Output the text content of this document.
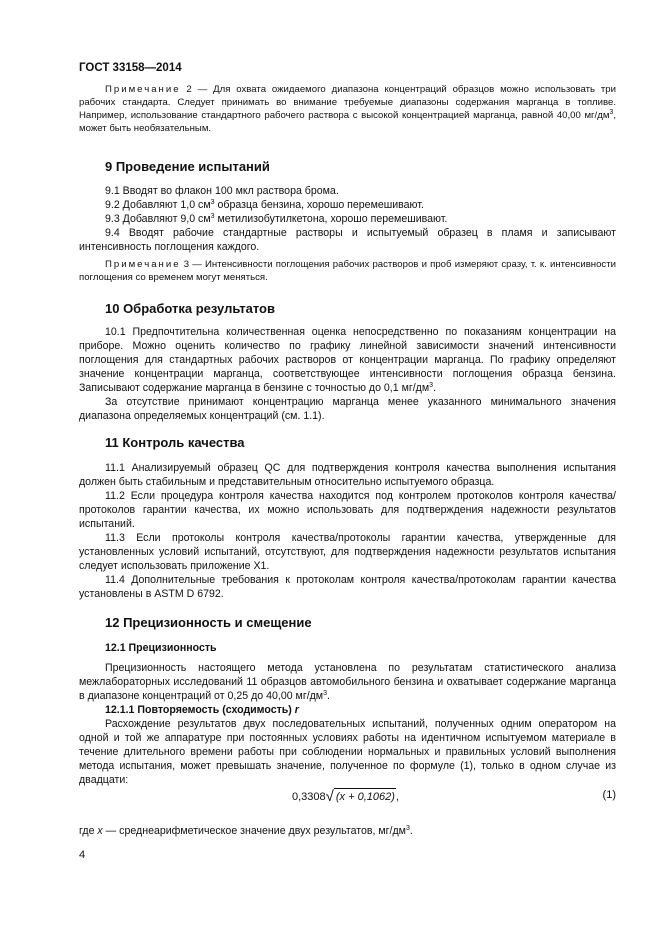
ГОСТ 33158—2014

Примечание 2 — Для охвата ожидаемого диапазона концентраций образцов можно использовать три рабочих стандарта. Следует принимать во внимание требуемые диапазоны содержания марганца в топливе. Например, использование стандартного рабочего раствора с высокой концентрацией марганца, равной 40,00 $мг/дм^3$, может быть необязательным.

9 Проведение испытаний

9.1 Вводят во флакон 100 мкл раствора брома.

9.2 Добавляют 1,0 $см^3$ образца бензина, хорошо перемешивают.

9.3 Добавляют 9,0 $см^3$ метилизобутилкетона, хорошо перемешивают.

9.4 Вводят рабочие стандартные растворы и испытуемый образец в пламя и записывают интенсивность поглощения каждого.

Примечание 3 — Интенсивности поглощения рабочих растворов и проб измеряют сразу, т. к. интенсивности поглощения со временем могут меняться.

10 Обработка результатов

10.1 Предпочтительна количественная оценка непосредственно по показаниям концентрации на приборе. Можно оценить количество по графику линейной зависимости значений интенсивности поглощения для стандартных рабочих растворов от концентрации марганца. По графику определяют значение концентрации марганца, соответствующее интенсивности поглощения образца бензина. Записывают содержание марганца в бензине с точностью до 0,1 $мг/дм^3$.

За отсутствие принимают концентрацию марганца менее указанного минимального значения диапазона определяемых концентраций (см. 1.1).

11 Контроль качества

11.1 Анализируемый образец QC для подтверждения контроля качества выполнения испытания должен быть стабильным и представительным относительно испытуемого образца.

11.2 Если процедура контроля качества находится под контролем протоколов контроля качества/протоколов гарантии качества, их можно использовать для подтверждения надежности результатов испытаний.

11.3 Если протоколы контроля качества/протоколы гарантии качества, утвержденные для установленных условий испытаний, отсутствуют, для подтверждения надежности результатов испытания следует использовать приложение Х1.

11.4 Дополнительные требования к протоколам контроля качества/протоколам гарантии качества установлены в ASTM D 6792.

12 Прецизионность и смещение
12.1 Прецизионность

Прецизионность настоящего метода установлена по результатам статистического анализа межлабораторных исследований 11 образцов автомобильного бензина и охватывает содержание марганца в диапазоне концентраций от 0,25 до 40,00 $мг/дм^3$.

12.1.1 Повторяемость (сходимость) r

Расхождение результатов двух последовательных испытаний, полученных одним оператором на одной и той же аппаратуре при постоянных условиях работы на идентичном испытуемом материале в течение длительного времени работы при соблюдении нормальных и правильных условий выполнения метода испытания, может превышать значение, полученное по формуле (1), только в одном случае из двадцати:

0,3308√ (x + 0,1062),	(1)

где x — среднеарифметическое значение двух результатов, $мг/дм^3$.

4
